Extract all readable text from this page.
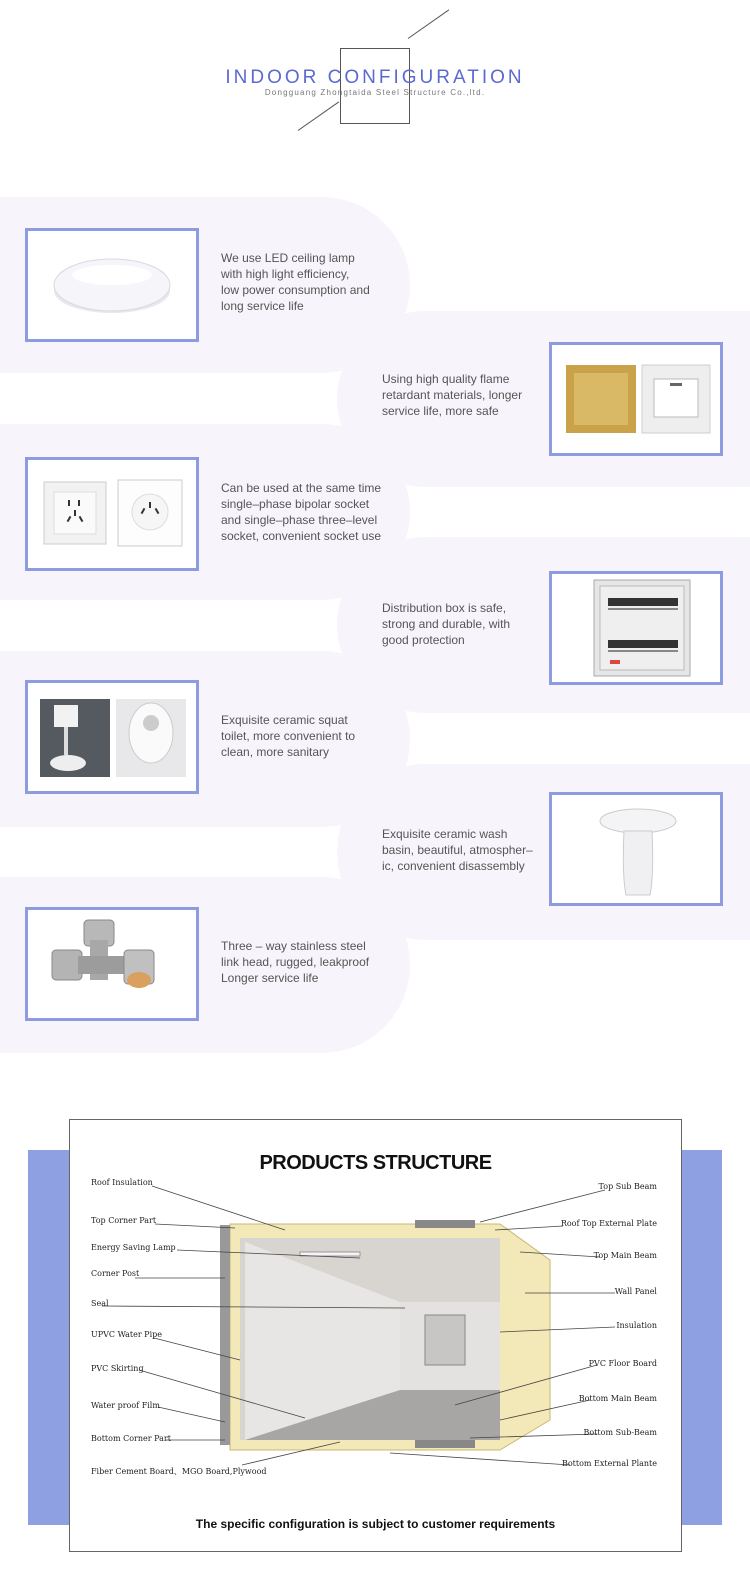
INDOOR CONFIGURATION
Dongguang Zhongtaida Steel Structure Co.,ltd.
We use LED ceiling lamp
with high light efficiency,
low power consumption and
long service life
Using high quality flame
retardant materials, longer
service life, more safe
Can be used at the same time
single–phase bipolar socket
and single–phase three–level
socket, convenient socket use
Distribution box is safe,
strong and durable, with
good protection
Exquisite ceramic squat
toilet, more convenient to
clean, more sanitary
Exquisite ceramic wash
basin, beautiful, atmospher–
ic, convenient disassembly
Three – way stainless steel
link head, rugged, leakproof
Longer service life
PRODUCTS STRUCTURE
Roof Insulation
Top Corner Part
Energy Saving Lamp
Corner Post
Seal
UPVC Water Pipe
PVC Skirting
Water proof Film
Bottom Corner Part
Fiber Cement Board、MGO Board,Plywood
Top Sub Beam
Roof Top External Plate
Top Main Beam
Wall Panel
Insulation
PVC Floor Board
Bottom Main Beam
Bottom Sub-Beam
Bottom External Plante
The specific configuration is subject to customer requirements
